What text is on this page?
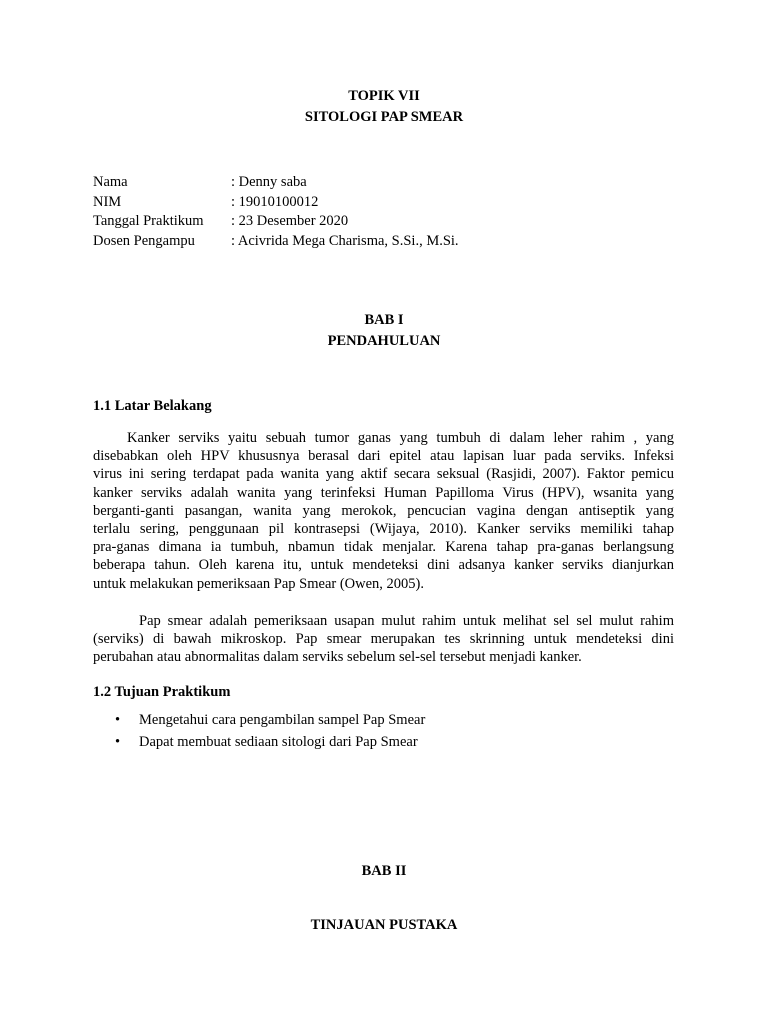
TOPIK VII
SITOLOGI PAP SMEAR
Nama	: Denny saba
NIM	: 19010100012
Tanggal Praktikum : 23 Desember 2020
Dosen Pengampu : Acivrida Mega Charisma, S.Si., M.Si.
BAB I
PENDAHULUAN
1.1 Latar Belakang
Kanker serviks yaitu sebuah tumor ganas yang tumbuh di dalam leher rahim , yang
disebabkan oleh HPV khususnya berasal dari epitel atau lapisan luar pada serviks. Infeksi
virus ini sering terdapat pada wanita yang aktif secara seksual (Rasjidi, 2007). Faktor pemicu
kanker serviks adalah wanita yang terinfeksi Human Papilloma Virus (HPV), wsanita yang
berganti-ganti pasangan, wanita yang merokok, pencucian vagina dengan antiseptik yang
terlalu sering, penggunaan pil kontrasepsi (Wijaya, 2010). Kanker serviks memiliki tahap
pra-ganas dimana ia tumbuh, nbamun tidak menjalar. Karena tahap pra-ganas berlangsung
beberapa tahun. Oleh karena itu, untuk mendeteksi dini adsanya kanker serviks dianjurkan
untuk melakukan pemeriksaan Pap Smear (Owen, 2005).
Pap smear adalah pemeriksaan usapan mulut rahim untuk melihat sel sel mulut rahim
(serviks) di bawah mikroskop. Pap smear merupakan tes skrinning untuk mendeteksi dini
perubahan atau abnormalitas dalam serviks sebelum sel-sel tersebut menjadi kanker.
1.2 Tujuan Praktikum
• Mengetahui cara pengambilan sampel Pap Smear
• Dapat membuat sediaan sitologi dari Pap Smear
BAB II
TINJAUAN PUSTAKA
